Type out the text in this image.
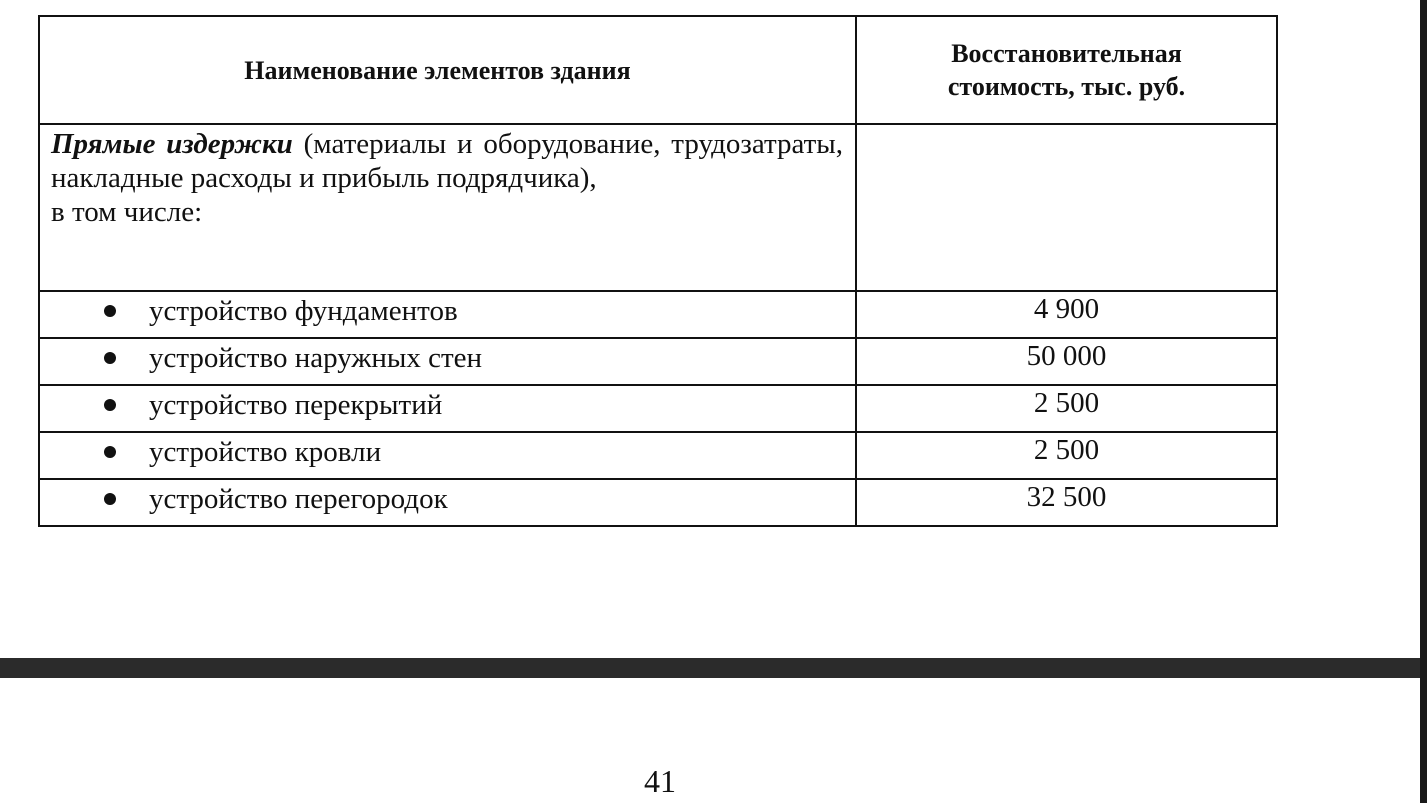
Наименование элементов здания	Восстановительная
стоимость, тыс. руб.

Прямые издержки (материалы и оборудование, трудозатраты, накладные расходы и прибыль подрядчика),
в том числе:	

устройство фундаментов	4 900

устройство наружных стен	50 000

устройство перекрытий	2 500

устройство кровли	2 500

устройство перегородок	32 500
41
